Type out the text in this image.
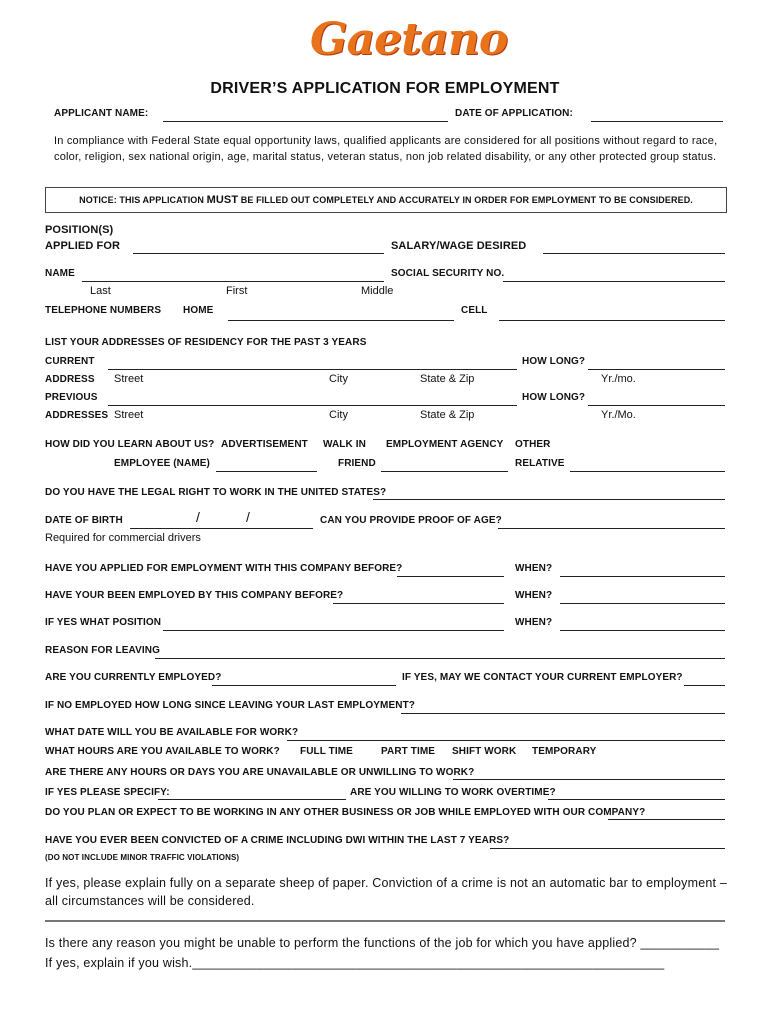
Gaetano
DRIVER’S APPLICATION FOR EMPLOYMENT
APPLICANT NAME:	DATE OF APPLICATION:
In compliance with Federal State equal opportunity laws, qualified applicants are considered for all positions without regard to race, color, religion, sex national origin, age, marital status, veteran status, non job related disability, or any other protected group status.
NOTICE: THIS APPLICATION MUST BE FILLED OUT COMPLETELY AND ACCURATELY IN ORDER FOR EMPLOYMENT TO BE CONSIDERED.
POSITION(S)
APPLIED FOR	SALARY/WAGE DESIRED
NAME	SOCIAL SECURITY NO.
Last	First	Middle
TELEPHONE NUMBERS HOME	CELL
LIST YOUR ADDRESSES OF RESIDENCY FOR THE PAST 3 YEARS
CURRENT	HOW LONG?
ADDRESS Street	City	State & Zip	Yr./mo.
PREVIOUS	HOW LONG?
ADDRESSES Street	City	State & Zip	Yr./Mo.
HOW DID YOU LEARN ABOUT US? ADVERTISEMENT WALK IN EMPLOYMENT AGENCY OTHER
EMPLOYEE (NAME)	FRIEND	RELATIVE
DO YOU HAVE THE LEGAL RIGHT TO WORK IN THE UNITED STATES?
DATE OF BIRTH	/	/	CAN YOU PROVIDE PROOF OF AGE?
Required for commercial drivers
HAVE YOU APPLIED FOR EMPLOYMENT WITH THIS COMPANY BEFORE?	WHEN?
HAVE YOUR BEEN EMPLOYED BY THIS COMPANY BEFORE?	WHEN?
IF YES WHAT POSITION	WHEN?
REASON FOR LEAVING
ARE YOU CURRENTLY EMPLOYED?	IF YES, MAY WE CONTACT YOUR CURRENT EMPLOYER?
IF NO EMPLOYED HOW LONG SINCE LEAVING YOUR LAST EMPLOYMENT?
WHAT DATE WILL YOU BE AVAILABLE FOR WORK?
WHAT HOURS ARE YOU AVAILABLE TO WORK? FULL TIME	PART TIME SHIFT WORK TEMPORARY
ARE THERE ANY HOURS OR DAYS YOU ARE UNAVAILABLE OR UNWILLING TO WORK?
IF YES PLEASE SPECIFY:	ARE YOU WILLING TO WORK OVERTIME?
DO YOU PLAN OR EXPECT TO BE WORKING IN ANY OTHER BUSINESS OR JOB WHILE EMPLOYED WITH OUR COMPANY?
HAVE YOU EVER BEEN CONVICTED OF A CRIME INCLUDING DWI WITHIN THE LAST 7 YEARS?
(DO NOT INCLUDE MINOR TRAFFIC VIOLATIONS)
If yes, please explain fully on a separate sheep of paper. Conviction of a crime is not an automatic bar to employment –
all circumstances will be considered.
Is there any reason you might be unable to perform the functions of the job for which you have applied? ___________
If yes, explain if you wish.__________________________________________________________________
